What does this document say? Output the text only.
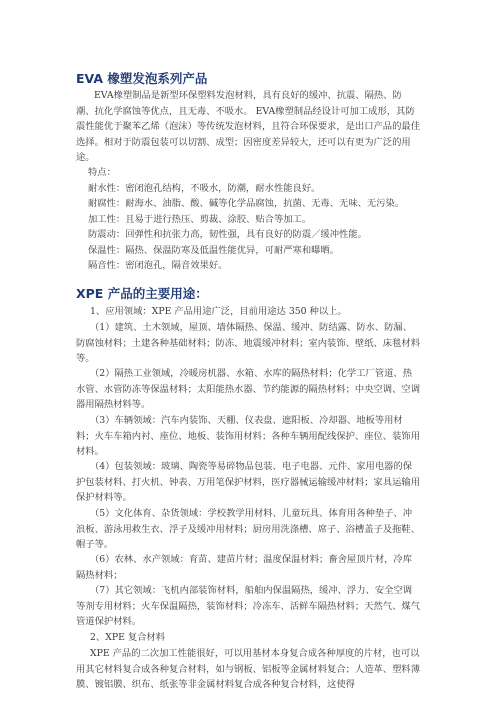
EVA 橡塑发泡系列产品

EVA橡塑制品是新型环保塑料发泡材料，具有良好的缓冲、抗震、隔热、防潮、抗化学腐蚀等优点，且无毒、不吸水。 EVA橡塑制品经设计可加工成形，其防震性能优于聚苯乙烯（泡沫）等传统发泡材料，且符合环保要求，是出口产品的最佳选择。相对于防震包装可以切割、成型；因密度差异较大，还可以有更为广泛的用途。

特点：

耐水性：密闭泡孔结构，不吸水，防潮，耐水性能良好。

耐腐性：耐海水、油脂、酸、碱等化学品腐蚀，抗菌、无毒、无味、无污染。

加工性：且易于进行热压、剪裁、涂胶、贴合等加工。

防震动：回弹性和抗张力高，韧性强，具有良好的防震／缓冲性能。

保温性：隔热、保温防寒及低温性能优异，可耐严寒和曝晒。

隔音性：密闭泡孔，隔音效果好。

XPE 产品的主要用途：

1、应用领域：XPE 产品用途广泛，目前用途达 350 种以上。

（1）建筑、土木领域，屋顶、墙体隔热、保温、缓冲、防结露、防水、防漏、防腐蚀材料；土建各种基础材料；防冻、地震缓冲材料；室内装饰、壁纸、床毯材料等。

（2）隔热工业领域，冷暖房机器、水箱、水库的隔热材料；化学工厂管道、热水管、水管防冻等保温材料；太阳能热水器、节约能源的隔热材料；中央空调、空调器用隔热材料等。

（3）车辆领域：汽车内装饰、天棚、仪表盘、遮阳板、冷却器、地板等用材料；火车车箱内衬、座位、地板、装饰用材料；各种车辆用配线保护、座位、装饰用材料。

（4）包装领域：玻璃、陶瓷等易碎物品包装、电子电器、元件、家用电器的保护包装材料、打火机、钟表、万用笔保护材料，医疗器械运输缓冲材料；家具运输用保护材料等。

（5）文化体育、杂货领域：学校教学用材料、儿童玩具、体育用各种垫子、冲浪板、游泳用救生衣、浮子及缓冲用材料；厨房用洗涤槽、席子、浴槽盖子及拖鞋、帽子等。

（6）农林、水产领域：育苗、建苗片材；温度保温材料；畜舍屋顶片材，冷库隔热材料；

（7）其它领域：飞机内部装饰材料，船舶内保温隔热，缓冲、浮力、安全空调等剂专用材料；火车保温隔热，装饰材料；冷冻车、活鲜车隔热材料；天然气、煤气管道保护材料。

2、XPE 复合材料

XPE 产品的二次加工性能很好，可以用基材本身复合成各种厚度的片材，也可以用其它材料复合成各种复合材料，如与钢板、铝板等金属材料复合；人造革、塑料薄膜、镀铝膜、织布、纸张等非金属材料复合成各种复合材料，这使得
